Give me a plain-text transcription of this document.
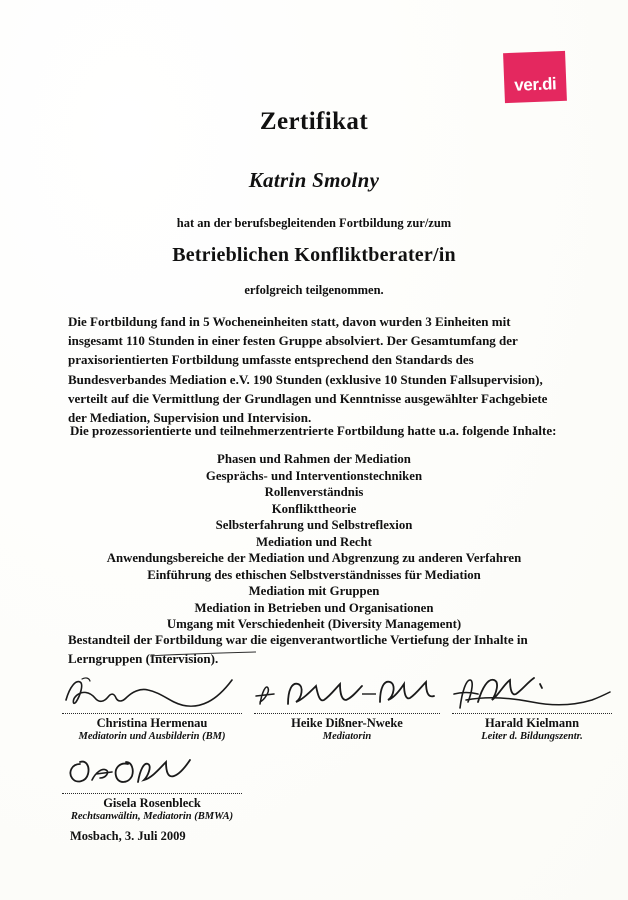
ver.di
Zertifikat
Katrin Smolny
hat an der berufsbegleitenden Fortbildung zur/zum
Betrieblichen Konfliktberater/in
erfolgreich teilgenommen.
Die Fortbildung fand in 5 Wocheneinheiten statt, davon wurden 3 Einheiten mit insgesamt 110 Stunden in einer festen Gruppe absolviert. Der Gesamtumfang der praxisorientierten Fortbildung umfasste entsprechend den Standards des Bundesverbandes Mediation e.V. 190 Stunden (exklusive 10 Stunden Fallsupervision), verteilt auf die Vermittlung der Grundlagen und Kenntnisse ausgewählter Fachgebiete der Mediation, Supervision und Intervision.
Die prozessorientierte und teilnehmerzentrierte Fortbildung hatte u.a. folgende Inhalte:
Phasen und Rahmen der Mediation
Gesprächs- und Interventionstechniken
Rollenverständnis
Konflikttheorie
Selbsterfahrung und Selbstreflexion
Mediation und Recht
Anwendungsbereiche der Mediation und Abgrenzung zu anderen Verfahren
Einführung des ethischen Selbstverständnisses für Mediation
Mediation mit Gruppen
Mediation in Betrieben und Organisationen
Umgang mit Verschiedenheit (Diversity Management)
Bestandteil der Fortbildung war die eigenverantwortliche Vertiefung der Inhalte in Lerngruppen (Intervision).
Christina Hermenau
Mediatorin und Ausbilderin (BM)
Heike Dißner-Nweke
Mediatorin
Harald Kielmann
Leiter d. Bildungszentr.
Gisela Rosenbleck
Rechtsanwältin, Mediatorin (BMWA)
Mosbach, 3. Juli 2009
